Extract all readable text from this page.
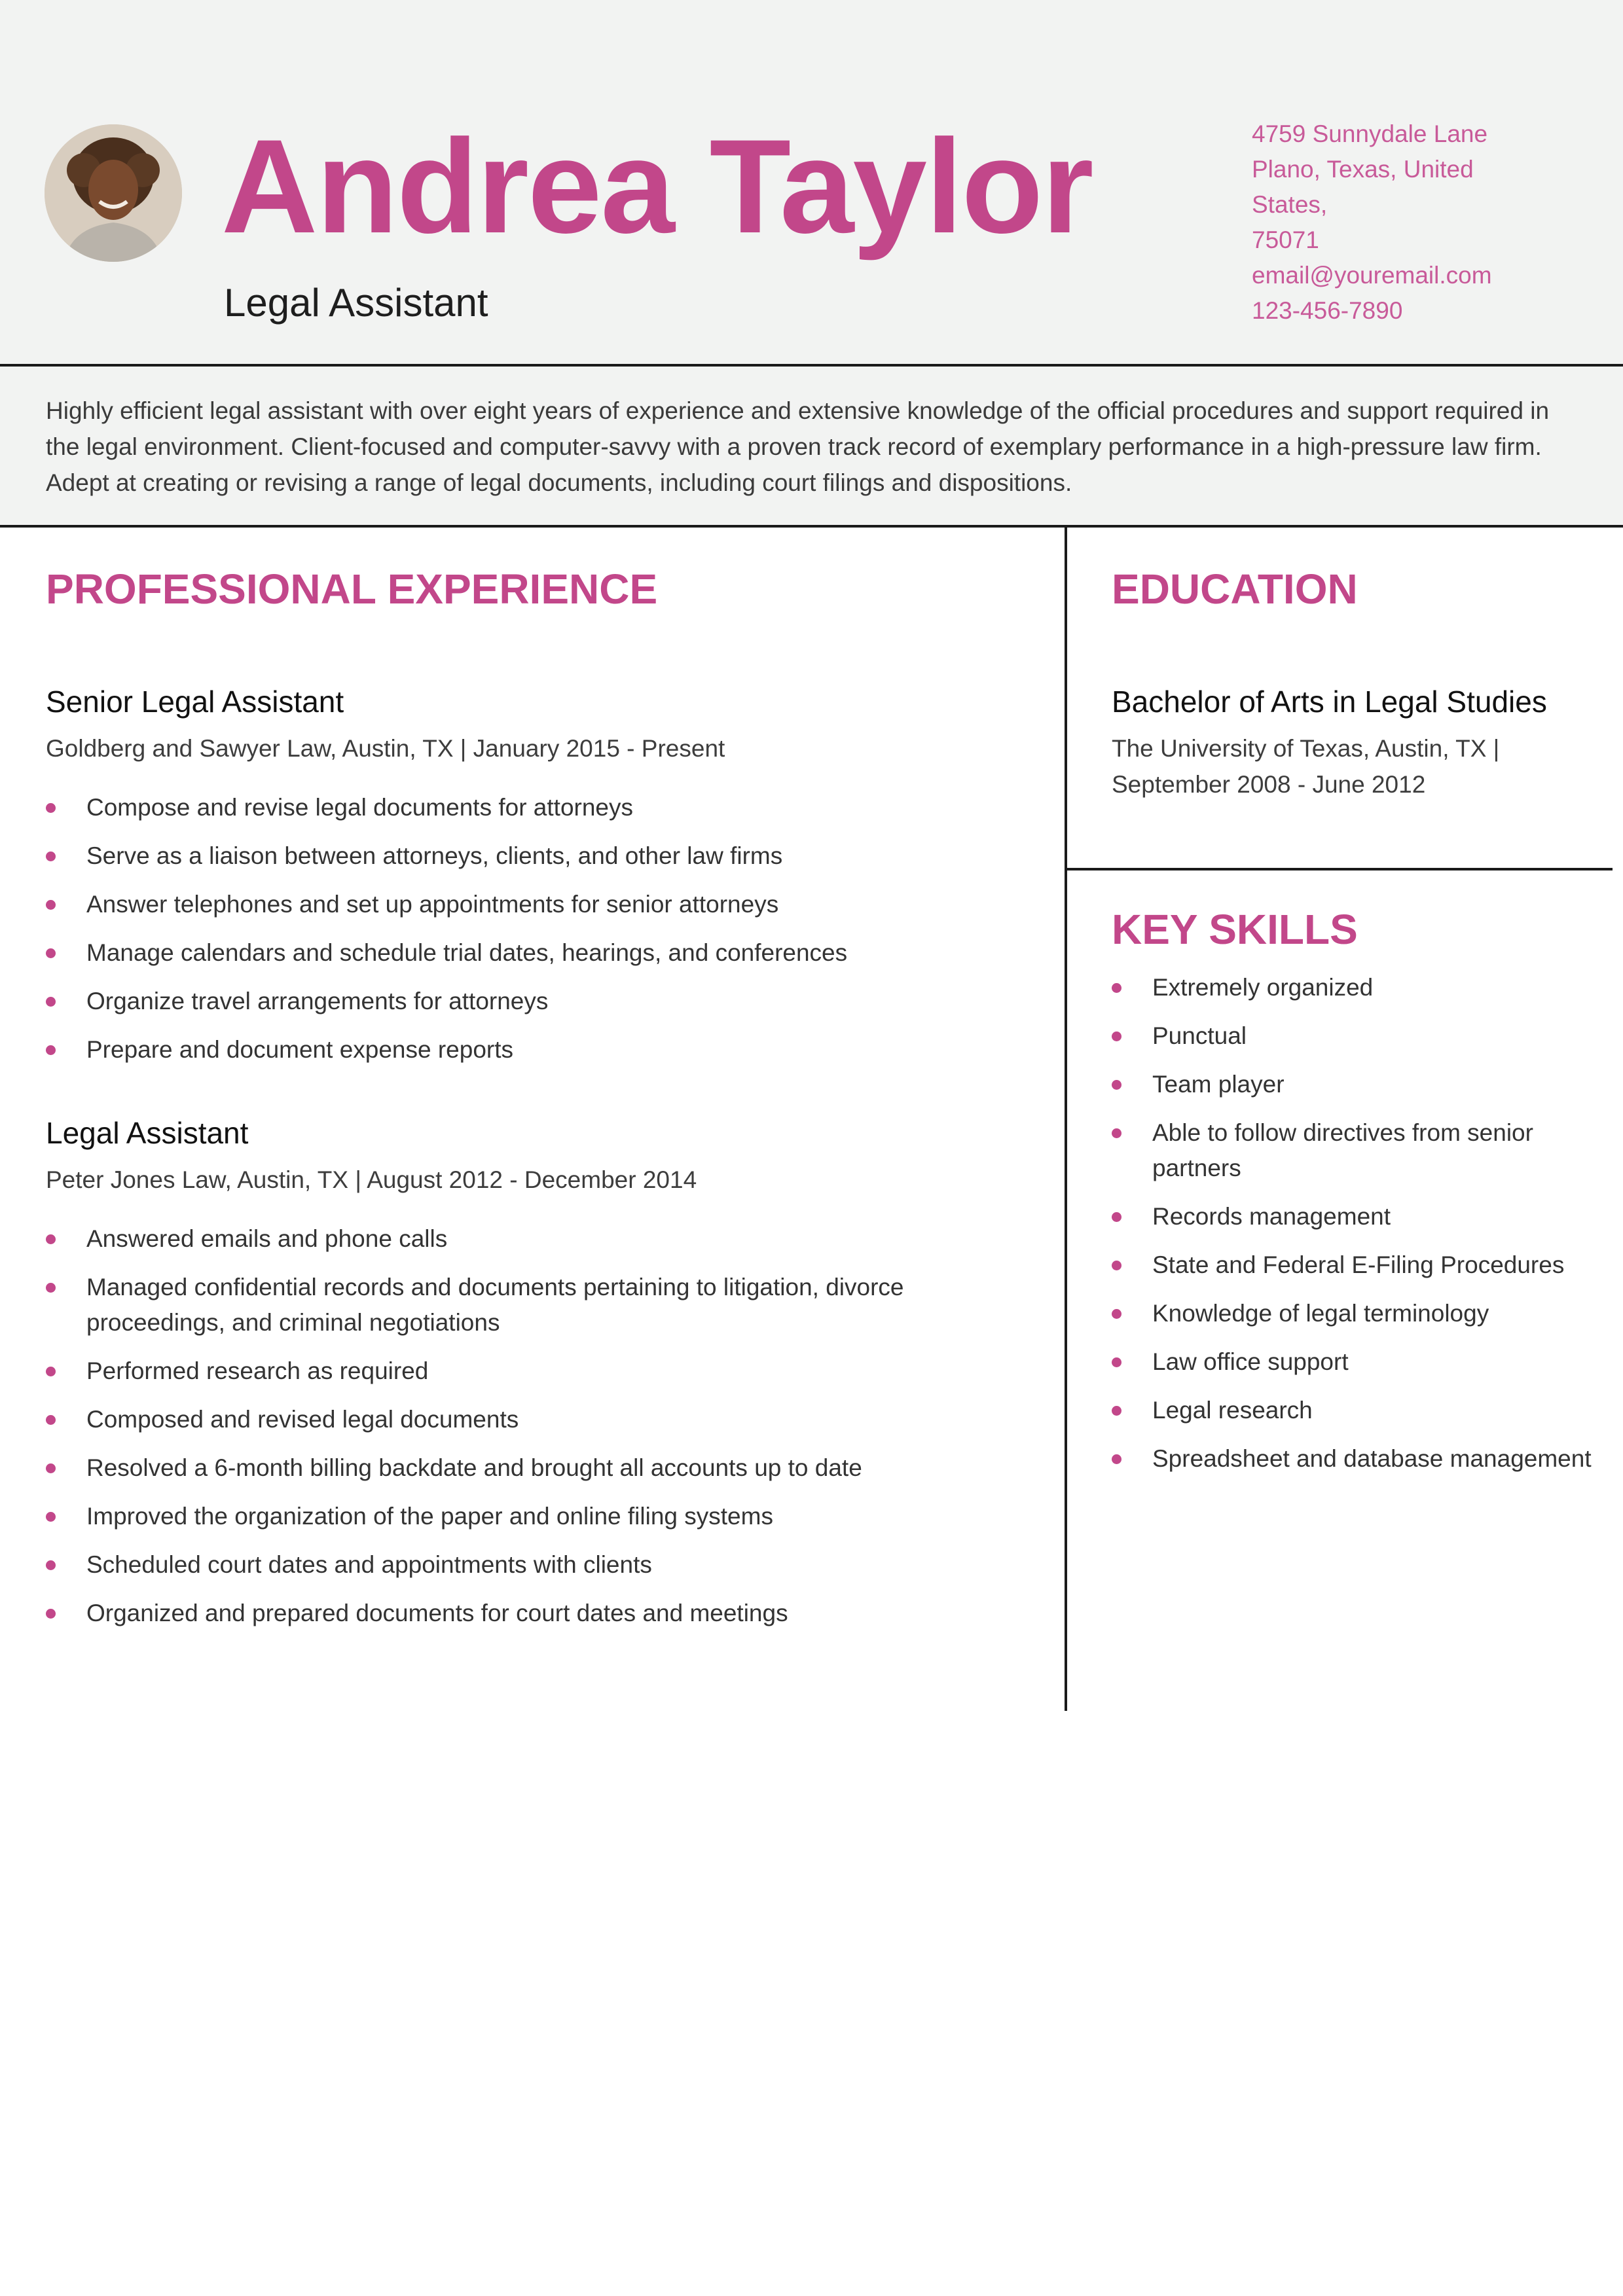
Andrea Taylor
Legal Assistant
4759 Sunnydale Lane
Plano, Texas, United States,
75071
email@youremail.com
123-456-7890
Highly efficient legal assistant with over eight years of experience and extensive knowledge of the official procedures and support required in the legal environment. Client-focused and computer-savvy with a proven track record of exemplary performance in a high-pressure law firm. Adept at creating or revising a range of legal documents, including court filings and dispositions.
PROFESSIONAL EXPERIENCE
Senior Legal Assistant
Goldberg and Sawyer Law, Austin, TX | January 2015 - Present
Compose and revise legal documents for attorneys
Serve as a liaison between attorneys, clients, and other law firms
Answer telephones and set up appointments for senior attorneys
Manage calendars and schedule trial dates, hearings, and conferences
Organize travel arrangements for attorneys
Prepare and document expense reports
Legal Assistant
Peter Jones Law, Austin, TX | August 2012 - December 2014
Answered emails and phone calls
Managed confidential records and documents pertaining to litigation, divorce proceedings, and criminal negotiations
Performed research as required
Composed and revised legal documents
Resolved a 6-month billing backdate and brought all accounts up to date
Improved the organization of the paper and online filing systems
Scheduled court dates and appointments with clients
Organized and prepared documents for court dates and meetings
EDUCATION
Bachelor of Arts in Legal Studies
The University of Texas, Austin, TX | September 2008 - June 2012
KEY SKILLS
Extremely organized
Punctual
Team player
Able to follow directives from senior partners
Records management
State and Federal E-Filing Procedures
Knowledge of legal terminology
Law office support
Legal research
Spreadsheet and database management
